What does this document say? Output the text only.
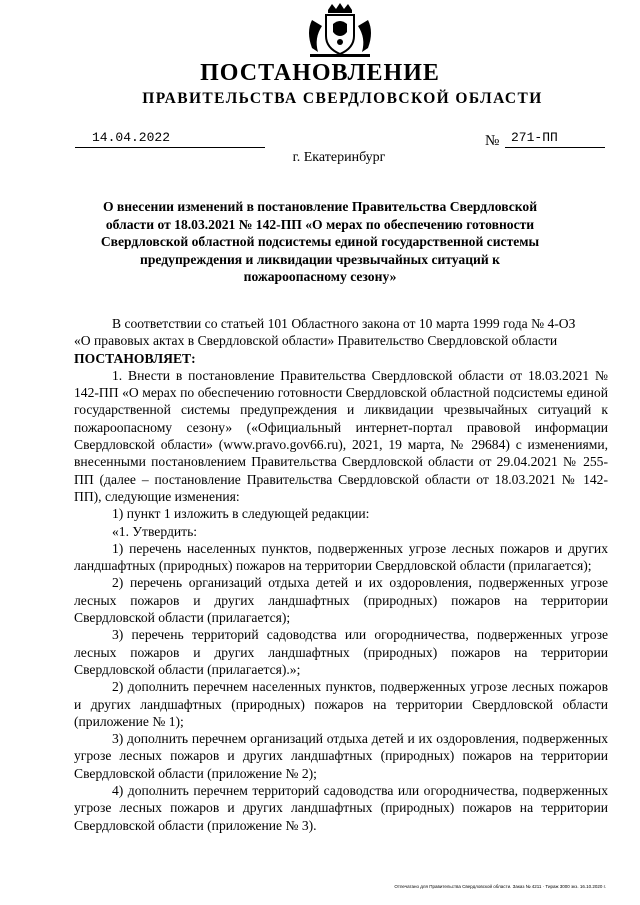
ПОСТАНОВЛЕНИЕ
ПРАВИТЕЛЬСТВА СВЕРДЛОВСКОЙ ОБЛАСТИ
14.04.2022	№ 271-ПП
г. Екатеринбург
О внесении изменений в постановление Правительства Свердловской области от 18.03.2021 № 142-ПП «О мерах по обеспечению готовности Свердловской областной подсистемы единой государственной системы предупреждения и ликвидации чрезвычайных ситуаций к пожароопасному сезону»

В соответствии со статьей 101 Областного закона от 10 марта 1999 года № 4-ОЗ

«О правовых актах в Свердловской области» Правительство Свердловской области

ПОСТАНОВЛЯЕТ:

1. Внести в постановление Правительства Свердловской области от 18.03.2021 № 142-ПП «О мерах по обеспечению готовности Свердловской областной подсистемы единой государственной системы предупреждения и ликвидации чрезвычайных ситуаций к пожароопасному сезону» («Официальный интернет-портал правовой информации Свердловской области» (www.pravo.gov66.ru), 2021, 19 марта, № 29684) с изменениями, внесенными постановлением Правительства Свердловской области от 29.04.2021 № 255-ПП (далее – постановление Правительства Свердловской области от 18.03.2021 № 142-ПП), следующие изменения:

1) пункт 1 изложить в следующей редакции:

«1. Утвердить:

1) перечень населенных пунктов, подверженных угрозе лесных пожаров и других ландшафтных (природных) пожаров на территории Свердловской области (прилагается);

2) перечень организаций отдыха детей и их оздоровления, подверженных угрозе лесных пожаров и других ландшафтных (природных) пожаров на территории Свердловской области (прилагается);

3) перечень территорий садоводства или огородничества, подверженных угрозе лесных пожаров и других ландшафтных (природных) пожаров на территории Свердловской области (прилагается).»;

2) дополнить перечнем населенных пунктов, подверженных угрозе лесных пожаров и других ландшафтных (природных) пожаров на территории Свердловской области (приложение № 1);

3) дополнить перечнем организаций отдыха детей и их оздоровления, подверженных угрозе лесных пожаров и других ландшафтных (природных) пожаров на территории Свердловской области (приложение № 2);

4) дополнить перечнем территорий садоводства или огородничества, подверженных угрозе лесных пожаров и других ландшафтных (природных) пожаров на территории Свердловской области (приложение № 3).

Отпечатано для Правительства Свердловской области. Заказ № 4211 · Тираж 3000 экз. 16.10.2020 г.
